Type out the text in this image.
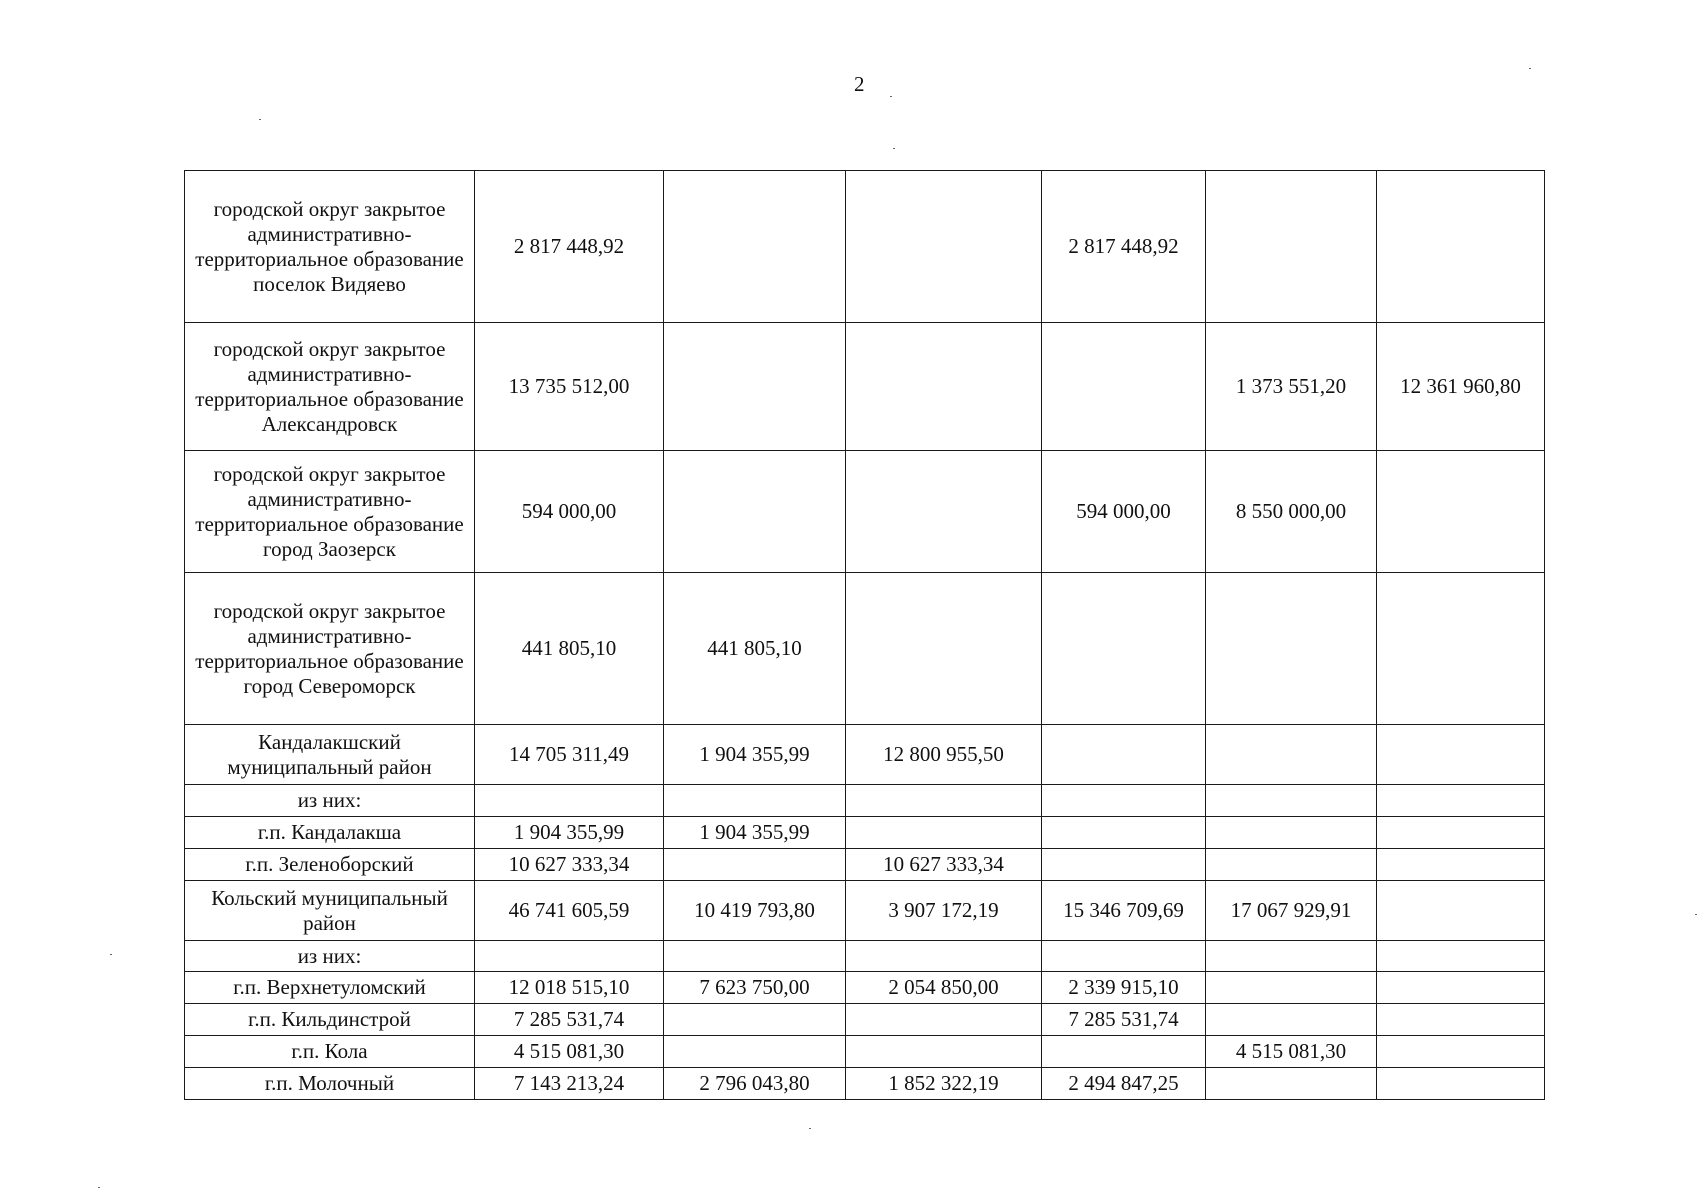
2
городской округ закрытое административно-территориальное образование поселок Видяево	2 817 448,92			2 817 448,92		
городской округ закрытое административно-территориальное образование Александровск	13 735 512,00				1 373 551,20	12 361 960,80
городской округ закрытое административно-территориальное образование город Заозерск	594 000,00			594 000,00	8 550 000,00	
городской округ закрытое административно-территориальное образование город Североморск	441 805,10	441 805,10				
Кандалакшский муниципальный район	14 705 311,49	1 904 355,99	12 800 955,50			
из них:						
г.п. Кандалакша	1 904 355,99	1 904 355,99				
г.п. Зеленоборский	10 627 333,34		10 627 333,34			
Кольский муниципальный район	46 741 605,59	10 419 793,80	3 907 172,19	15 346 709,69	17 067 929,91	
из них:						
г.п. Верхнетуломский	12 018 515,10	7 623 750,00	2 054 850,00	2 339 915,10		
г.п. Кильдинстрой	7 285 531,74			7 285 531,74		
г.п. Кола	4 515 081,30				4 515 081,30	
г.п. Молочный	7 143 213,24	2 796 043,80	1 852 322,19	2 494 847,25		
